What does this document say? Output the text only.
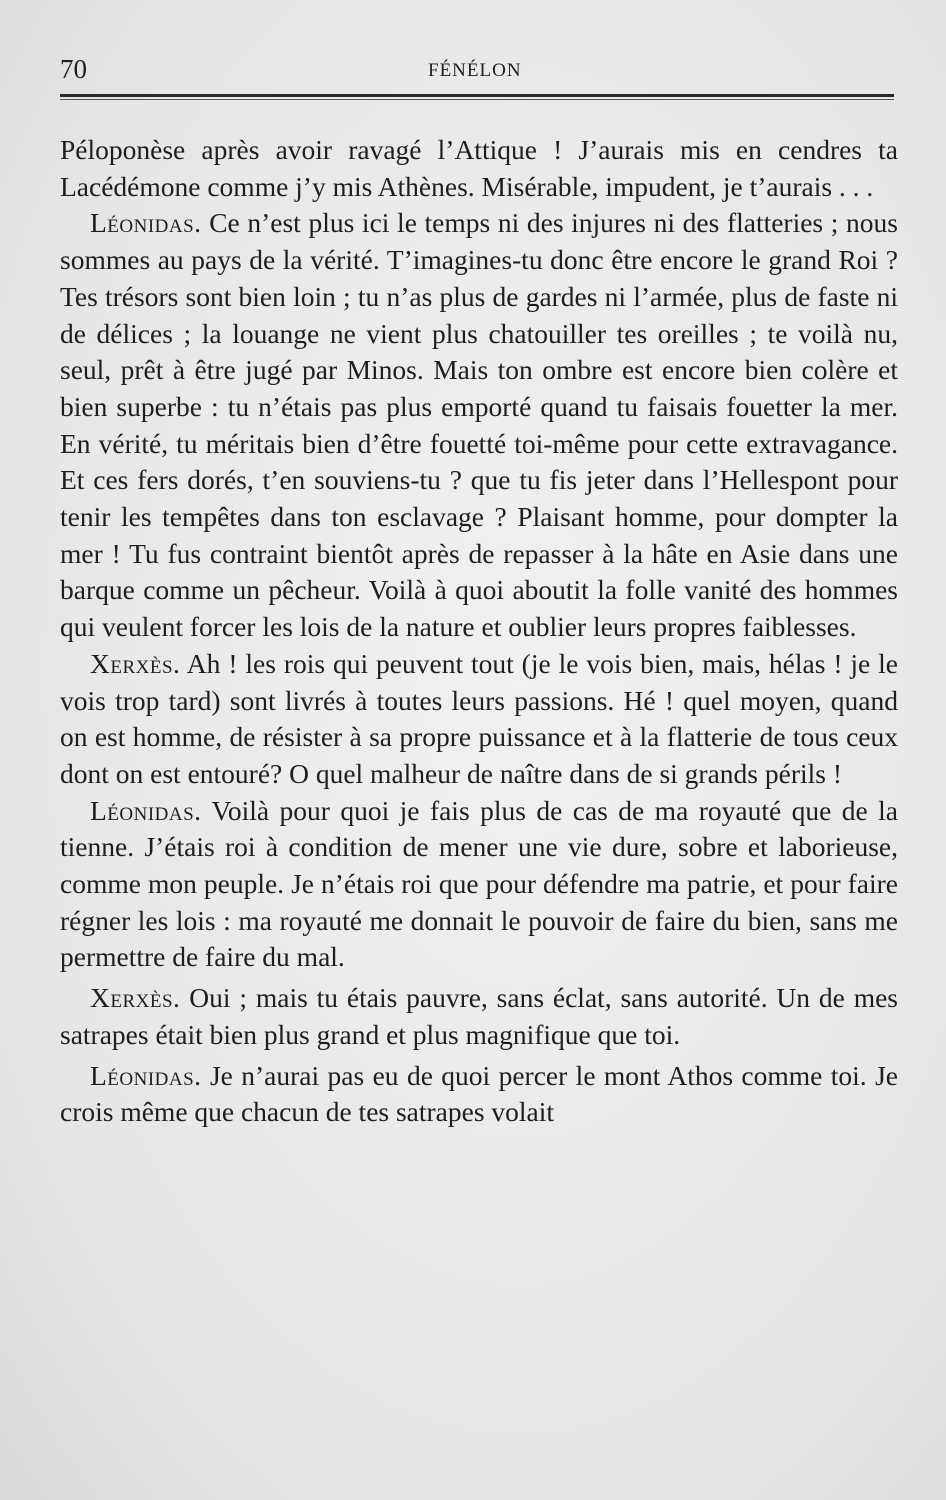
70	FÉNÉLON

Péloponèse après avoir ravagé l’Attique ! J’aurais mis en cendres ta Lacédémone comme j’y mis Athènes. Misérable, impudent, je t’aurais . . .

Léonidas. Ce n’est plus ici le temps ni des injures ni des flatteries ; nous sommes au pays de la vérité. T’imagines-tu donc être encore le grand Roi ? Tes trésors sont bien loin ; tu n’as plus de gardes ni l’armée, plus de faste ni de délices ; la louange ne vient plus chatouiller tes oreilles ; te voilà nu, seul, prêt à être jugé par Minos. Mais ton ombre est encore bien colère et bien superbe : tu n’étais pas plus emporté quand tu faisais fouetter la mer. En vérité, tu méritais bien d’être fouetté toi-même pour cette extravagance. Et ces fers dorés, t’en souviens-tu ? que tu fis jeter dans l’Hellespont pour tenir les tempêtes dans ton esclavage ? Plaisant homme, pour dompter la mer ! Tu fus contraint bientôt après de repasser à la hâte en Asie dans une barque comme un pêcheur. Voilà à quoi aboutit la folle vanité des hommes qui veulent forcer les lois de la nature et oublier leurs propres faiblesses.

Xerxès. Ah ! les rois qui peuvent tout (je le vois bien, mais, hélas ! je le vois trop tard) sont livrés à toutes leurs passions. Hé ! quel moyen, quand on est homme, de résister à sa propre puissance et à la flatterie de tous ceux dont on est entouré? O quel malheur de naître dans de si grands périls !

Léonidas. Voilà pour quoi je fais plus de cas de ma royauté que de la tienne. J’étais roi à condition de mener une vie dure, sobre et laborieuse, comme mon peuple. Je n’étais roi que pour défendre ma patrie, et pour faire régner les lois : ma royauté me donnait le pouvoir de faire du bien, sans me permettre de faire du mal.

Xerxès. Oui ; mais tu étais pauvre, sans éclat, sans autorité. Un de mes satrapes était bien plus grand et plus magnifique que toi.

Léonidas. Je n’aurai pas eu de quoi percer le mont Athos comme toi. Je crois même que chacun de tes satrapes volait
